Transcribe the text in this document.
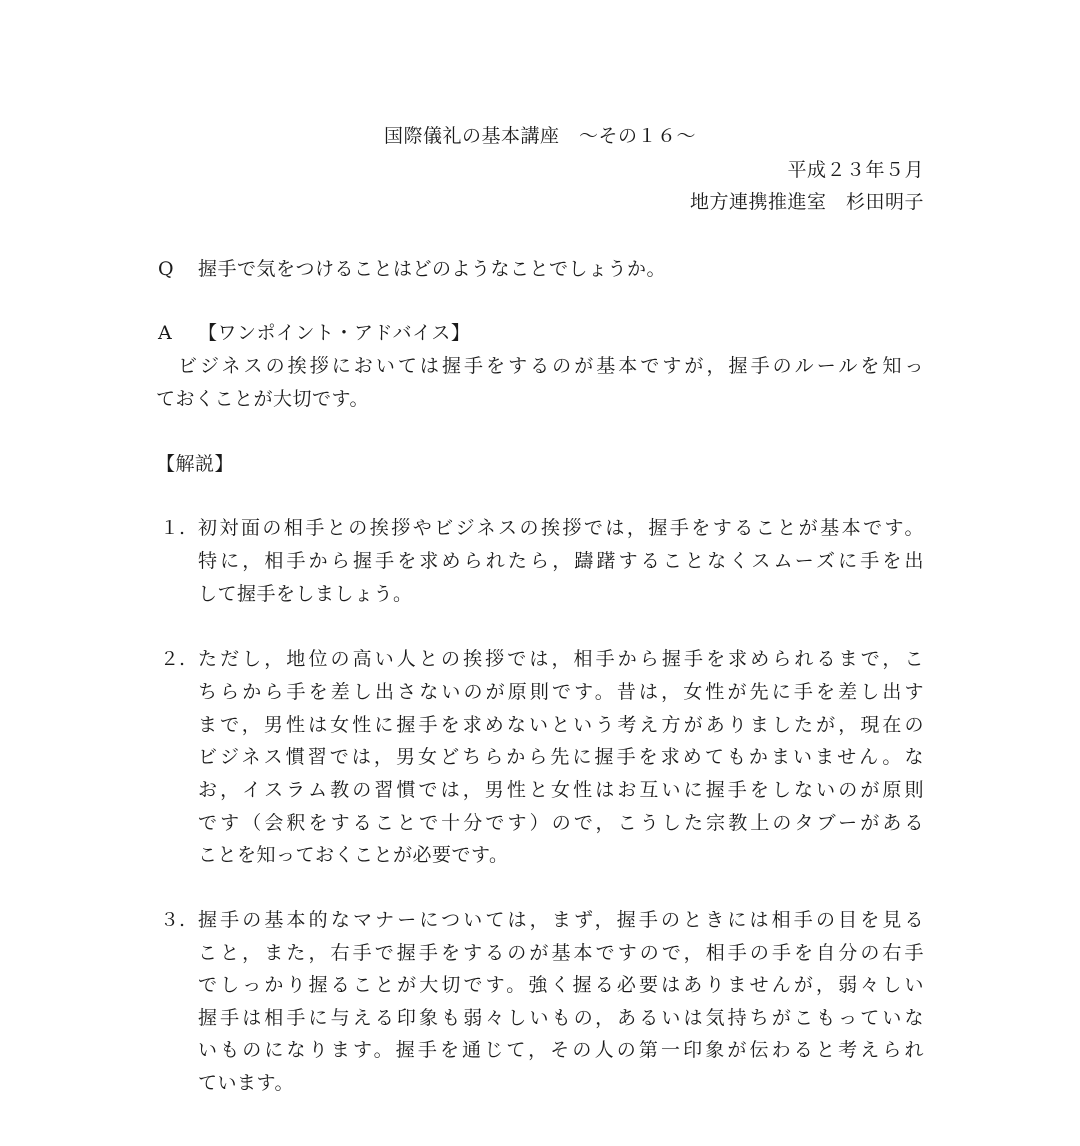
国際儀礼の基本講座　～その１６～
平成２３年５月
地方連携推進室　杉田明子
Q 握手で気をつけることはどのようなことでしょうか。
A 【ワンポイント・アドバイス】
ビジネスの挨拶においては握手をするのが基本ですが，握手のルールを知っ
ておくことが大切です。
【解説】
１. 初対面の相手との挨拶やビジネスの挨拶では，握手をすることが基本です。
特に，相手から握手を求められたら，躊躇することなくスムーズに手を出
して握手をしましょう。
２. ただし，地位の高い人との挨拶では，相手から握手を求められるまで，こ
ちらから手を差し出さないのが原則です。昔は，女性が先に手を差し出す
まで，男性は女性に握手を求めないという考え方がありましたが，現在の
ビジネス慣習では，男女どちらから先に握手を求めてもかまいません。な
お，イスラム教の習慣では，男性と女性はお互いに握手をしないのが原則
です（会釈をすることで十分です）ので，こうした宗教上のタブーがある
ことを知っておくことが必要です。
３. 握手の基本的なマナーについては，まず，握手のときには相手の目を見る
こと，また，右手で握手をするのが基本ですので，相手の手を自分の右手
でしっかり握ることが大切です。強く握る必要はありませんが，弱々しい
握手は相手に与える印象も弱々しいもの，あるいは気持ちがこもっていな
いものになります。握手を通じて，その人の第一印象が伝わると考えられ
ています。
